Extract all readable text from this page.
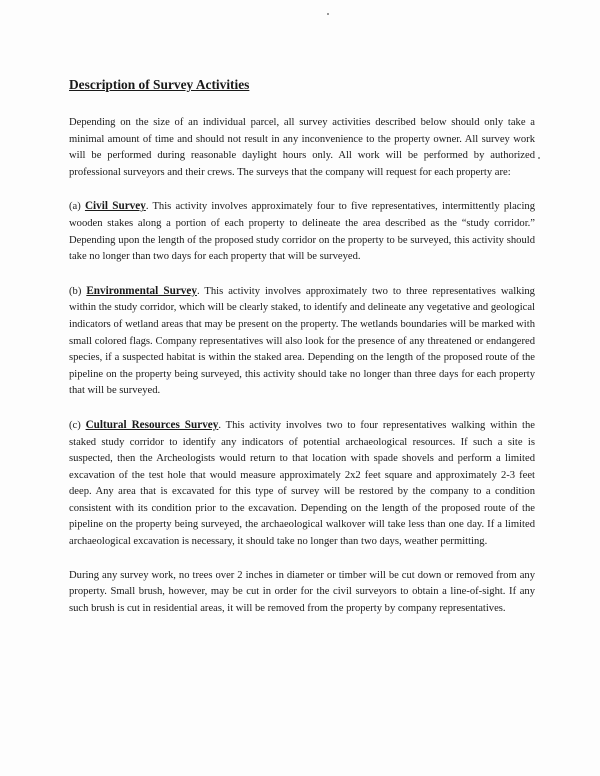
Description of Survey Activities

Depending on the size of an individual parcel, all survey activities described below should only take a minimal amount of time and should not result in any inconvenience to the property owner. All survey work will be performed during reasonable daylight hours only. All work will be performed by authorized professional surveyors and their crews. The surveys that the company will request for each property are:

(a) Civil Survey. This activity involves approximately four to five representatives, intermittently placing wooden stakes along a portion of each property to delineate the area described as the “study corridor.” Depending upon the length of the proposed study corridor on the property to be surveyed, this activity should take no longer than two days for each property that will be surveyed.

(b) Environmental Survey. This activity involves approximately two to three representatives walking within the study corridor, which will be clearly staked, to identify and delineate any vegetative and geological indicators of wetland areas that may be present on the property. The wetlands boundaries will be marked with small colored flags. Company representatives will also look for the presence of any threatened or endangered species, if a suspected habitat is within the staked area. Depending on the length of the proposed route of the pipeline on the property being surveyed, this activity should take no longer than three days for each property that will be surveyed.

(c) Cultural Resources Survey. This activity involves two to four representatives walking within the staked study corridor to identify any indicators of potential archaeological resources. If such a site is suspected, then the Archeologists would return to that location with spade shovels and perform a limited excavation of the test hole that would measure approximately 2x2 feet square and approximately 2-3 feet deep. Any area that is excavated for this type of survey will be restored by the company to a condition consistent with its condition prior to the excavation. Depending on the length of the proposed route of the pipeline on the property being surveyed, the archaeological walkover will take less than one day. If a limited archaeological excavation is necessary, it should take no longer than two days, weather permitting.

During any survey work, no trees over 2 inches in diameter or timber will be cut down or removed from any property. Small brush, however, may be cut in order for the civil surveyors to obtain a line-of-sight. If any such brush is cut in residential areas, it will be removed from the property by company representatives.
